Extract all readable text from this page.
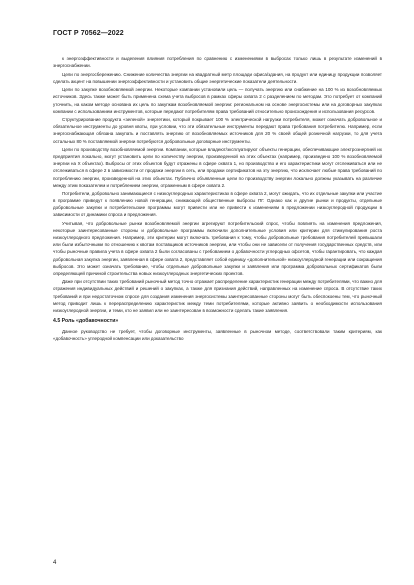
ГОСТ Р 70562—2022

к энергоэффективности и выделения влияния потребления по сравнению с изменениями в выбросах только лишь в результате изменений в энергоснабжении.

Цели по энергосбережению. Снижение количества энергии на квадратный метр площади офиса/здания, на продукт или единицу продукции позволяет сделать акцент на повышении энергоэффективности и установить общие энергетические показатели деятельности.

Цели по закупке возобновляемой энергии. Некоторые компании установили цель — получать энергию или снабжение на 100 % из возобновляемых источников. Здесь также может быть применена схема учета выбросов в рамках сферы охвата 2 с разделением по методам. Это потребует от компаний уточнить, на каком методе основана их цель по закупкам возобновляемой энергии: региональном на основе энергосистемы или на договорных закупках компании с использованием инструментов, которые передают потребителям права требований относительно происхождения и использования ресурсов.

Структурирование продукта «зеленой» энергетики, который покрывает 100 % электрической нагрузки потребителя, может означать добровольное и обязательное инструменты до уровня квоты, при условии, что эти обязательные инструменты передают права требования потребителю. Например, если энергоснабжающая обязана закупать и поставлять энергию от возобновляемых источников для 20 % своей общей розничной нагрузки, то для учета остальных 80 % поставляемой энергии потребуются добровольные договорные инструменты.

Цели по производству возобновляемой энергии. Компании, которые владеют/эксплуатируют объекты генерации, обеспечивающие электроэнергией их предприятия локально, могут установить цели по количеству энергии, произведенной на этих объектах (например, произведено 100 % возобновляемой энергии на X объектах). Выбросы от этих объектов будут отражены в сфере охвата 1, но производство и его характеристики могут отслеживаться или не отслеживаться в сфере 2 в зависимости от продажи энергии в сеть, или продажи сертификатов на эту энергию, что исключает любые права требований по потреблению энергии, произведенной на этих объектах. Публично объявленные цели по производству энергии локально должны указывать на различие между этим показателем и потреблением энергии, отраженным в сфере охвата 2.

Потребители, добровольно занимающиеся с низкоуглеродных характеристиках в сфере охвата 2, могут ожидать, что их отдельные закупки или участие в программе приведут к появлению новой генерации, снижающей общественные выбросы ПГ. Однако как и другие рынки и продукты, отдельные добровольные закупки и потребительские программы могут привести или не привести к изменениям в предложении низкоуглеродной продукции в зависимости от динамики спроса и предложения.

Учитывая, что добровольные рынки возобновляемой энергии агрегируют потребительский спрос, чтобы повлиять на изменения предложения, некоторые заинтересованные стороны и добровольные программы включили дополнительные условия или критерии для стимулирования роста низкоуглеродного предложения. Например, эти критерии могут включать требования к тому, чтобы добровольные требования потребителей превышали или были избыточными по отношению к квотам поставщиков источников энергии, или чтобы они не зависели от получения государственных средств, или чтобы рыночные правила учета в сфере охвата 2 были согласованы с требованием о добавочности углеродных офсетов, чтобы гарантировать, что каждая добровольная закупка энергии, заявленная в сфере охвата 2, представляет собой единицу «дополнительной» низкоуглеродной генерации или сокращения выбросов. Это может означать требование, чтобы отдельные добровольные закупки и заявления или программа добровольных сертификатов были определяющей причиной строительства новых низкоуглеродных энергетических проектов.

Даже при отсутствии таких требований рыночный метод точно отражает распределение характеристик генерации между потребителями, что важно для отражения индивидуальных действий и решений о закупках, а также для признания действий, направленных на изменение спроса. В отсутствие таких требований и при недостаточном спросе для создания изменения энергосистемы заинтересованные стороны могут быть обеспокоены тем, что рыночный метод приводит лишь к перераспределению характеристик между теми потребителями, которые активно заявить о необходимости использования низкоуглеродной энергии, и теми, кто не заявил или не заинтересован в возможности сделать такие заявления.

4.5 Роль «добавочности»

Данное руководство не требует, чтобы договорные инструменты, заявленные в рыночном методе, соответствовали таким критериям, как «добавочность» углеродной компенсации или доказательство

4
